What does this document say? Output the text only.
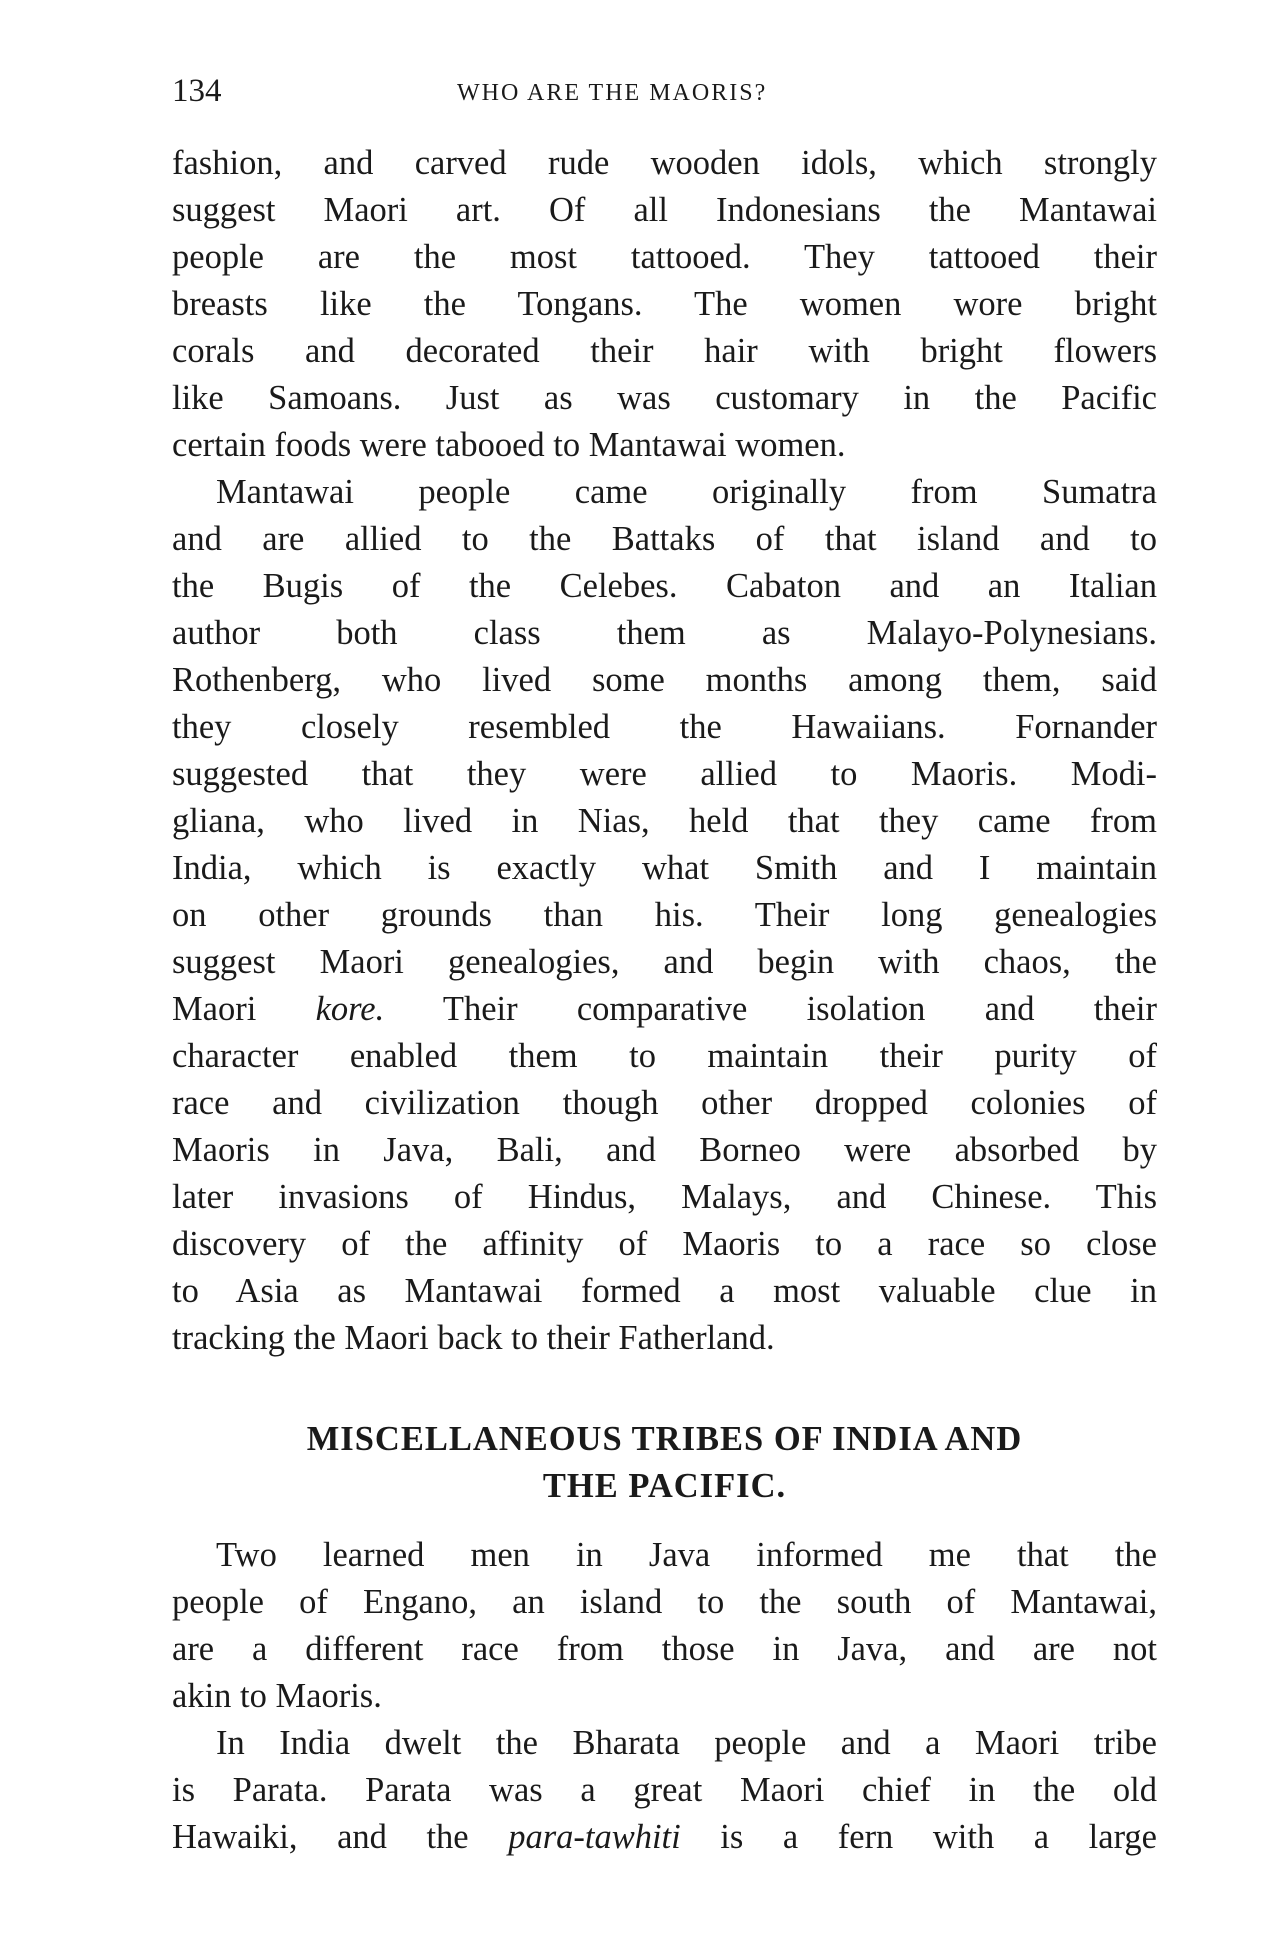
134	WHO ARE THE MAORIS?

fashion, and carved rude wooden idols, which strongly
suggest Maori art. Of all Indonesians the Mantawai
people are the most tattooed. They tattooed their
breasts like the Tongans. The women wore bright
corals and decorated their hair with bright flowers
like Samoans. Just as was customary in the Pacific
certain foods were tabooed to Mantawai women.

Mantawai people came originally from Sumatra
and are allied to the Battaks of that island and to
the Bugis of the Celebes. Cabaton and an Italian
author both class them as Malayo-Polynesians.
Rothenberg, who lived some months among them, said
they closely resembled the Hawaiians. Fornander
suggested that they were allied to Maoris. Modi-
gliana, who lived in Nias, held that they came from
India, which is exactly what Smith and I maintain
on other grounds than his. Their long genealogies
suggest Maori genealogies, and begin with chaos, the
Maori kore. Their comparative isolation and their
character enabled them to maintain their purity of
race and civilization though other dropped colonies of
Maoris in Java, Bali, and Borneo were absorbed by
later invasions of Hindus, Malays, and Chinese. This
discovery of the affinity of Maoris to a race so close
to Asia as Mantawai formed a most valuable clue in
tracking the Maori back to their Fatherland.

MISCELLANEOUS TRIBES OF INDIA AND
THE PACIFIC.

Two learned men in Java informed me that the
people of Engano, an island to the south of Mantawai,
are a different race from those in Java, and are not
akin to Maoris.

In India dwelt the Bharata people and a Maori tribe
is Parata. Parata was a great Maori chief in the old
Hawaiki, and the para-tawhiti is a fern with a large
